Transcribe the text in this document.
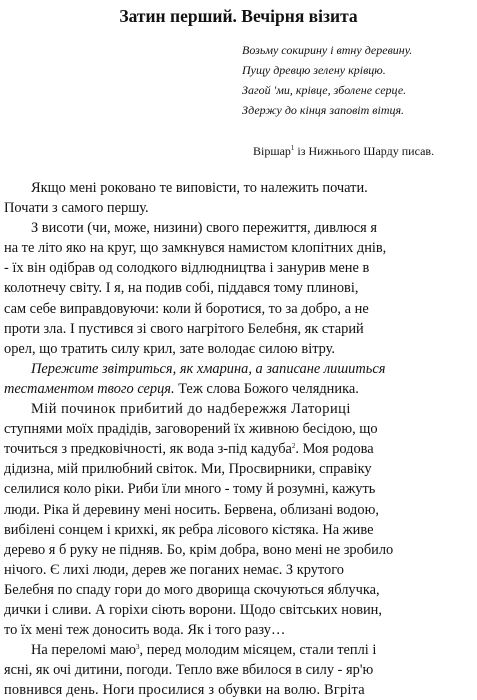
Затин перший. Вечірня візита
Возьму сокирину і втну деревину.
Пущу древцю зелену крівцю.
Загой 'ми, крівце, зболене серце.
Здержу до кінця заповіт вітця.
Віршар$^1$ із Нижнього Шарду писав.

Якщо мені роковано те виповісти, то належить почати.
Почати з самого першу.

З висоти (чи, може, низини) свого пережиття, дивлюся я
на те літо яко на круг, що замкнувся намистом клопітних днів,
- їх він одібрав од солодкого відлюдництва і занурив мене в
колотнечу світу. І я, на подив собі, піддався тому плинові,
сам себе виправдовуючи: коли й боротися, то за добро, а не
проти зла. І пустився зі свого нагрітого Белебня, як старий
орел, що тратить силу крил, зате володає силою вітру.

Пережите звітриться, як хмарина, а записане лишиться
тестаментом твого серця. Теж слова Божого челядника.

Мій починок прибитий до надбережжя Латориці
ступнями моїх прадідів, заговорений їх живною бесідою, що
точиться з предковічності, як вода з-під кадуба$^2$. Моя родова
дідизна, мій прилюбний світок. Ми, Просвирники, справіку
селилися коло ріки. Риби їли много - тому й розумні, кажуть
люди. Ріка й деревину мені носить. Бервена, облизані водою,
вибілені сонцем і крихкі, як ребра лісового кістяка. На живе
дерево я б руку не підняв. Бо, крім добра, воно мені не зробило
нічого. Є лихі люди, дерев же поганих немає. З крутого
Белебня по спаду гори до мого дворища скочуються яблучка,
дички і сливи. А горіхи сіють ворони. Щодо світських новин,
то їх мені теж доносить вода. Як і того разу…

На переломі маю$^3$, перед молодим місяцем, стали теплі і
ясні, як очі дитини, погоди. Тепло вже вбилося в силу - яр'ю
повнився день. Ноги просилися з обувки на волю. Вгріта
